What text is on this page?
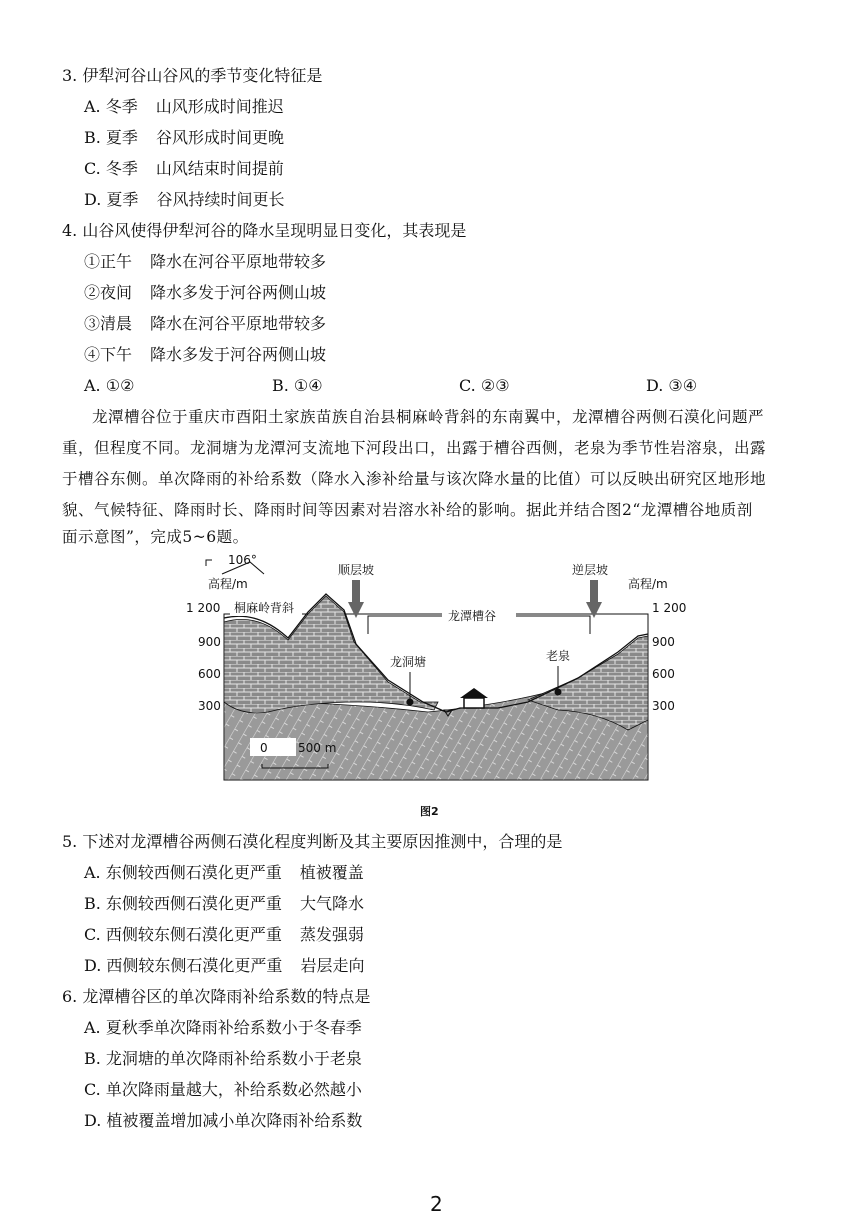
3. 伊犁河谷山谷风的季节变化特征是
A. 冬季 山风形成时间推迟
B. 夏季 谷风形成时间更晚
C. 冬季 山风结束时间提前
D. 夏季 谷风持续时间更长
4. 山谷风使得伊犁河谷的降水呈现明显日变化，其表现是
①正午 降水在河谷平原地带较多
②夜间 降水多发于河谷两侧山坡
③清晨 降水在河谷平原地带较多
④下午 降水多发于河谷两侧山坡
A. ①②	B. ①④	C. ②③	D. ③④
龙潭槽谷位于重庆市酉阳土家族苗族自治县桐麻岭背斜的东南翼中，龙潭槽谷两侧石漠化问题严
重，但程度不同。龙洞塘为龙潭河支流地下河段出口，出露于槽谷西侧，老泉为季节性岩溶泉，出露
于槽谷东侧。单次降雨的补给系数（降水入渗补给量与该次降水量的比值）可以反映出研究区地形地
貌、气候特征、降雨时长、降雨时间等因素对岩溶水补给的影响。据此并结合图2“龙潭槽谷地质剖
面示意图”，完成5~6题。
106°
高程/m	高程/m
1 200
900
600
300
1 200
900
600
300
顺层坡	逆层坡
龙潭槽谷
桐麻岭背斜
龙洞塘	老泉
0	500 m
图2
5. 下述对龙潭槽谷两侧石漠化程度判断及其主要原因推测中，合理的是
A. 东侧较西侧石漠化更严重 植被覆盖
B. 东侧较西侧石漠化更严重 大气降水
C. 西侧较东侧石漠化更严重 蒸发强弱
D. 西侧较东侧石漠化更严重 岩层走向
6. 龙潭槽谷区的单次降雨补给系数的特点是
A. 夏秋季单次降雨补给系数小于冬春季
B. 龙洞塘的单次降雨补给系数小于老泉
C. 单次降雨量越大，补给系数必然越小
D. 植被覆盖增加减小单次降雨补给系数
2
